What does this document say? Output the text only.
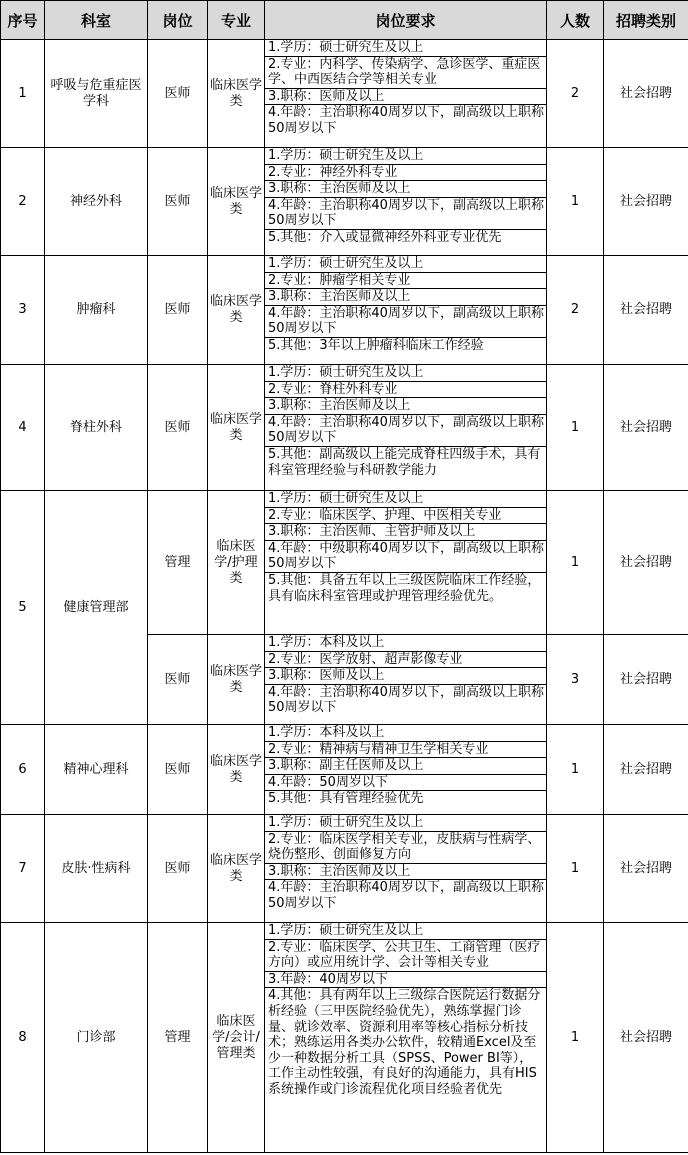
序号	科室	岗位	专业	岗位要求	人数	招聘类别
1	呼吸与危重症医学科	医师	临床医学类	1.学历：硕士研究生及以上
2.专业：内科学、传染病学、急诊医学、重症医学、中西医结合学等相关专业
3.职称：医师及以上
4.年龄：主治职称40周岁以下，副高级以上职称50周岁以下	2	社会招聘
2	神经外科	医师	临床医学类	1.学历：硕士研究生及以上
2.专业：神经外科专业
3.职称：主治医师及以上
4.年龄：主治职称40周岁以下，副高级以上职称50周岁以下
5.其他：介入或显微神经外科亚专业优先	1	社会招聘
3	肿瘤科	医师	临床医学类	1.学历：硕士研究生及以上
2.专业：肿瘤学相关专业
3.职称：主治医师及以上
4.年龄：主治职称40周岁以下，副高级以上职称50周岁以下
5.其他：3年以上肿瘤科临床工作经验	2	社会招聘
4	脊柱外科	医师	临床医学类	1.学历：硕士研究生及以上
2.专业：脊柱外科专业
3.职称：主治医师及以上
4.年龄：主治职称40周岁以下，副高级以上职称50周岁以下
5.其他：副高级以上能完成脊柱四级手术，具有科室管理经验与科研教学能力	1	社会招聘
5	健康管理部	管理	临床医学/护理类	1.学历：硕士研究生及以上
2.专业：临床医学、护理、中医相关专业
3.职称：主治医师、主管护师及以上
4.年龄：中级职称40周岁以下，副高级以上职称50周岁以下
5.其他：具备五年以上三级医院临床工作经验，具有临床科室管理或护理管理经验优先。	1	社会招聘
		医师	临床医学类	1.学历：本科及以上
2.专业：医学放射、超声影像专业
3.职称：医师及以上
4.年龄：主治职称40周岁以下，副高级以上职称50周岁以下	3	社会招聘
6	精神心理科	医师	临床医学类	1.学历：本科及以上
2.专业：精神病与精神卫生学相关专业
3.职称：副主任医师及以上
4.年龄：50周岁以下
5.其他：具有管理经验优先	1	社会招聘
7	皮肤·性病科	医师	临床医学类	1.学历：硕士研究生及以上
2.专业：临床医学相关专业，皮肤病与性病学、烧伤整形、创面修复方向
3.职称：主治医师及以上
4.年龄：主治职称40周岁以下，副高级以上职称50周岁以下	1	社会招聘
8	门诊部	管理	临床医学/会计/管理类	1.学历：硕士研究生及以上
2.专业：临床医学、公共卫生、工商管理（医疗方向）或应用统计学、会计等相关专业
3.年龄：40周岁以下
4.其他：具有两年以上三级综合医院运行数据分析经验（三甲医院经验优先），熟练掌握门诊量、就诊效率、资源利用率等核心指标分析技术；熟练运用各类办公软件，较精通Excel及至少一种数据分析工具（SPSS、Power BI等），工作主动性较强，有良好的沟通能力，具有HIS系统操作或门诊流程优化项目经验者优先	1	社会招聘
